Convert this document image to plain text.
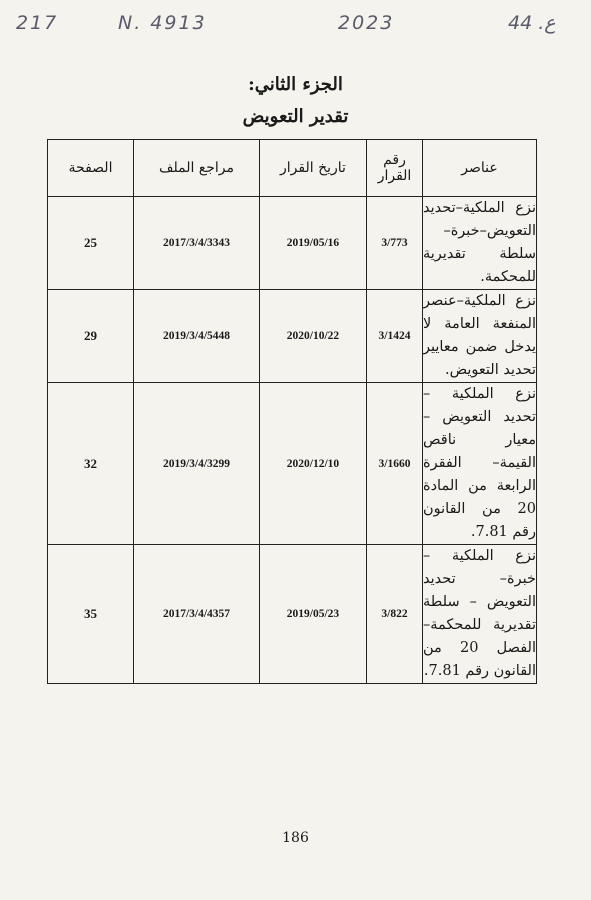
217	N. 4913	2023	44 .ع
الجزء الثاني:
تقدير التعويض
عناصر	رقم القرار	تاريخ القرار	مراجع الملف	الصفحة
نزع الملكية–تحديد التعويض–خبرة– سلطة تقديرية للمحكمة.	3/773	2019/05/16	2017/3/4/3343	25
نزع الملكية–عنصر المنفعة العامة لا يدخل ضمن معايير تحديد التعويض.	3/1424	2020/10/22	2019/3/4/5448	29
نزع الملكية – تحديد التعويض – معيار ناقص القيمة– الفقرة الرابعة من المادة 20 من القانون رقم 7.81.	3/1660	2020/12/10	2019/3/4/3299	32
نزع الملكية – خبرة– تحديد التعويض – سلطة تقديرية للمحكمة– الفصل 20 من القانون رقم 7.81.	3/822	2019/05/23	2017/3/4/4357	35
186
